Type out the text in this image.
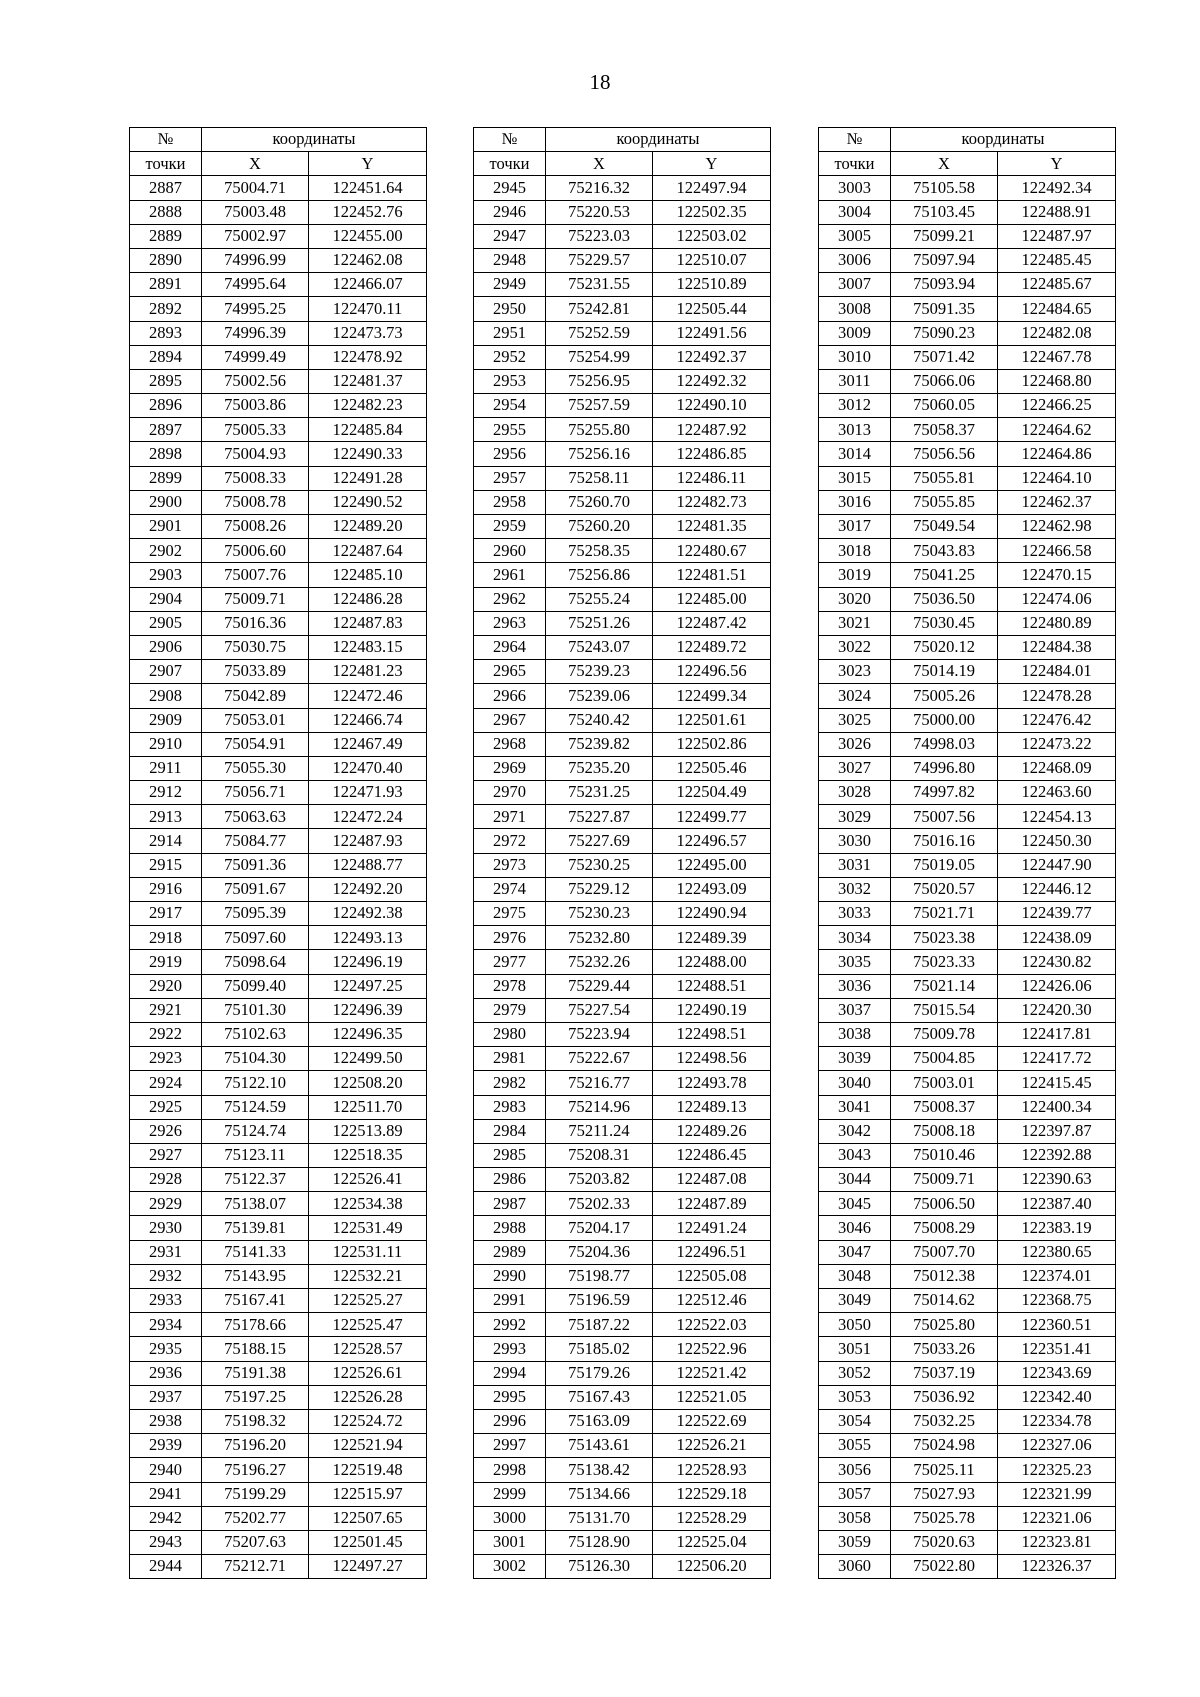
18
№	координаты	
точки	X	Y
2887	75004.71	122451.64
2888	75003.48	122452.76
2889	75002.97	122455.00
2890	74996.99	122462.08
2891	74995.64	122466.07
2892	74995.25	122470.11
2893	74996.39	122473.73
2894	74999.49	122478.92
2895	75002.56	122481.37
2896	75003.86	122482.23
2897	75005.33	122485.84
2898	75004.93	122490.33
2899	75008.33	122491.28
2900	75008.78	122490.52
2901	75008.26	122489.20
2902	75006.60	122487.64
2903	75007.76	122485.10
2904	75009.71	122486.28
2905	75016.36	122487.83
2906	75030.75	122483.15
2907	75033.89	122481.23
2908	75042.89	122472.46
2909	75053.01	122466.74
2910	75054.91	122467.49
2911	75055.30	122470.40
2912	75056.71	122471.93
2913	75063.63	122472.24
2914	75084.77	122487.93
2915	75091.36	122488.77
2916	75091.67	122492.20
2917	75095.39	122492.38
2918	75097.60	122493.13
2919	75098.64	122496.19
2920	75099.40	122497.25
2921	75101.30	122496.39
2922	75102.63	122496.35
2923	75104.30	122499.50
2924	75122.10	122508.20
2925	75124.59	122511.70
2926	75124.74	122513.89
2927	75123.11	122518.35
2928	75122.37	122526.41
2929	75138.07	122534.38
2930	75139.81	122531.49
2931	75141.33	122531.11
2932	75143.95	122532.21
2933	75167.41	122525.27
2934	75178.66	122525.47
2935	75188.15	122528.57
2936	75191.38	122526.61
2937	75197.25	122526.28
2938	75198.32	122524.72
2939	75196.20	122521.94
2940	75196.27	122519.48
2941	75199.29	122515.97
2942	75202.77	122507.65
2943	75207.63	122501.45
2944	75212.71	122497.27
№	координаты	
точки	X	Y
2945	75216.32	122497.94
2946	75220.53	122502.35
2947	75223.03	122503.02
2948	75229.57	122510.07
2949	75231.55	122510.89
2950	75242.81	122505.44
2951	75252.59	122491.56
2952	75254.99	122492.37
2953	75256.95	122492.32
2954	75257.59	122490.10
2955	75255.80	122487.92
2956	75256.16	122486.85
2957	75258.11	122486.11
2958	75260.70	122482.73
2959	75260.20	122481.35
2960	75258.35	122480.67
2961	75256.86	122481.51
2962	75255.24	122485.00
2963	75251.26	122487.42
2964	75243.07	122489.72
2965	75239.23	122496.56
2966	75239.06	122499.34
2967	75240.42	122501.61
2968	75239.82	122502.86
2969	75235.20	122505.46
2970	75231.25	122504.49
2971	75227.87	122499.77
2972	75227.69	122496.57
2973	75230.25	122495.00
2974	75229.12	122493.09
2975	75230.23	122490.94
2976	75232.80	122489.39
2977	75232.26	122488.00
2978	75229.44	122488.51
2979	75227.54	122490.19
2980	75223.94	122498.51
2981	75222.67	122498.56
2982	75216.77	122493.78
2983	75214.96	122489.13
2984	75211.24	122489.26
2985	75208.31	122486.45
2986	75203.82	122487.08
2987	75202.33	122487.89
2988	75204.17	122491.24
2989	75204.36	122496.51
2990	75198.77	122505.08
2991	75196.59	122512.46
2992	75187.22	122522.03
2993	75185.02	122522.96
2994	75179.26	122521.42
2995	75167.43	122521.05
2996	75163.09	122522.69
2997	75143.61	122526.21
2998	75138.42	122528.93
2999	75134.66	122529.18
3000	75131.70	122528.29
3001	75128.90	122525.04
3002	75126.30	122506.20
№	координаты	
точки	X	Y
3003	75105.58	122492.34
3004	75103.45	122488.91
3005	75099.21	122487.97
3006	75097.94	122485.45
3007	75093.94	122485.67
3008	75091.35	122484.65
3009	75090.23	122482.08
3010	75071.42	122467.78
3011	75066.06	122468.80
3012	75060.05	122466.25
3013	75058.37	122464.62
3014	75056.56	122464.86
3015	75055.81	122464.10
3016	75055.85	122462.37
3017	75049.54	122462.98
3018	75043.83	122466.58
3019	75041.25	122470.15
3020	75036.50	122474.06
3021	75030.45	122480.89
3022	75020.12	122484.38
3023	75014.19	122484.01
3024	75005.26	122478.28
3025	75000.00	122476.42
3026	74998.03	122473.22
3027	74996.80	122468.09
3028	74997.82	122463.60
3029	75007.56	122454.13
3030	75016.16	122450.30
3031	75019.05	122447.90
3032	75020.57	122446.12
3033	75021.71	122439.77
3034	75023.38	122438.09
3035	75023.33	122430.82
3036	75021.14	122426.06
3037	75015.54	122420.30
3038	75009.78	122417.81
3039	75004.85	122417.72
3040	75003.01	122415.45
3041	75008.37	122400.34
3042	75008.18	122397.87
3043	75010.46	122392.88
3044	75009.71	122390.63
3045	75006.50	122387.40
3046	75008.29	122383.19
3047	75007.70	122380.65
3048	75012.38	122374.01
3049	75014.62	122368.75
3050	75025.80	122360.51
3051	75033.26	122351.41
3052	75037.19	122343.69
3053	75036.92	122342.40
3054	75032.25	122334.78
3055	75024.98	122327.06
3056	75025.11	122325.23
3057	75027.93	122321.99
3058	75025.78	122321.06
3059	75020.63	122323.81
3060	75022.80	122326.37
